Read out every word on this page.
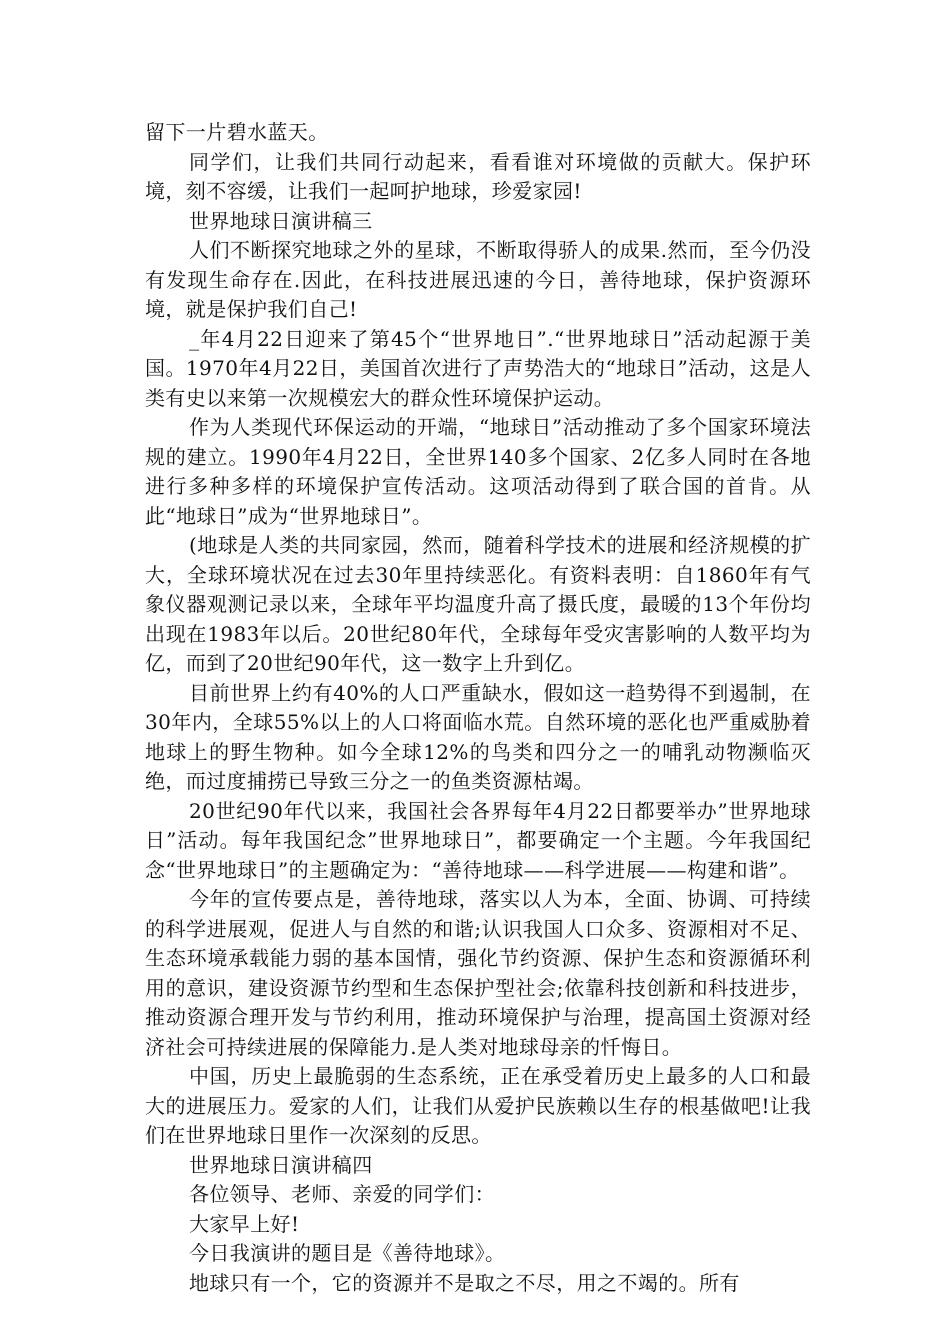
留下一片碧水蓝天。

同学们，让我们共同行动起来，看看谁对环境做的贡献大。保护环境，刻不容缓，让我们一起呵护地球，珍爱家园!

世界地球日演讲稿三

人们不断探究地球之外的星球，不断取得骄人的成果.然而，至今仍没有发现生命存在.因此，在科技进展迅速的今日，善待地球，保护资源环境，就是保护我们自己!

_年4月22日迎来了第45个“世界地日”.“世界地球日”活动起源于美国。1970年4月22日，美国首次进行了声势浩大的“地球日”活动，这是人类有史以来第一次规模宏大的群众性环境保护运动。

作为人类现代环保运动的开端，“地球日”活动推动了多个国家环境法规的建立。1990年4月22日，全世界140多个国家、2亿多人同时在各地进行多种多样的环境保护宣传活动。这项活动得到了联合国的首肯。从此“地球日”成为“世界地球日”。

(地球是人类的共同家园，然而，随着科学技术的进展和经济规模的扩大，全球环境状况在过去30年里持续恶化。有资料表明：自1860年有气象仪器观测记录以来，全球年平均温度升高了摄氏度，最暖的13个年份均出现在1983年以后。20世纪80年代，全球每年受灾害影响的人数平均为亿，而到了20世纪90年代，这一数字上升到亿。

目前世界上约有40%的人口严重缺水，假如这一趋势得不到遏制，在30年内，全球55%以上的人口将面临水荒。自然环境的恶化也严重威胁着地球上的野生物种。如今全球12%的鸟类和四分之一的哺乳动物濒临灭绝，而过度捕捞已导致三分之一的鱼类资源枯竭。

20世纪90年代以来，我国社会各界每年4月22日都要举办”世界地球日”活动。每年我国纪念”世界地球日”，都要确定一个主题。今年我国纪念“世界地球日”的主题确定为：“善待地球——科学进展——构建和谐”。

今年的宣传要点是，善待地球，落实以人为本，全面、协调、可持续的科学进展观，促进人与自然的和谐;认识我国人口众多、资源相对不足、生态环境承载能力弱的基本国情，强化节约资源、保护生态和资源循环利用的意识，建设资源节约型和生态保护型社会;依靠科技创新和科技进步，推动资源合理开发与节约利用，推动环境保护与治理，提高国土资源对经济社会可持续进展的保障能力.是人类对地球母亲的忏悔日。

中国，历史上最脆弱的生态系统，正在承受着历史上最多的人口和最大的进展压力。爱家的人们，让我们从爱护民族赖以生存的根基做吧!让我们在世界地球日里作一次深刻的反思。

世界地球日演讲稿四

各位领导、老师、亲爱的同学们：

大家早上好!

今日我演讲的题目是《善待地球》。

地球只有一个，它的资源并不是取之不尽，用之不竭的。所有
